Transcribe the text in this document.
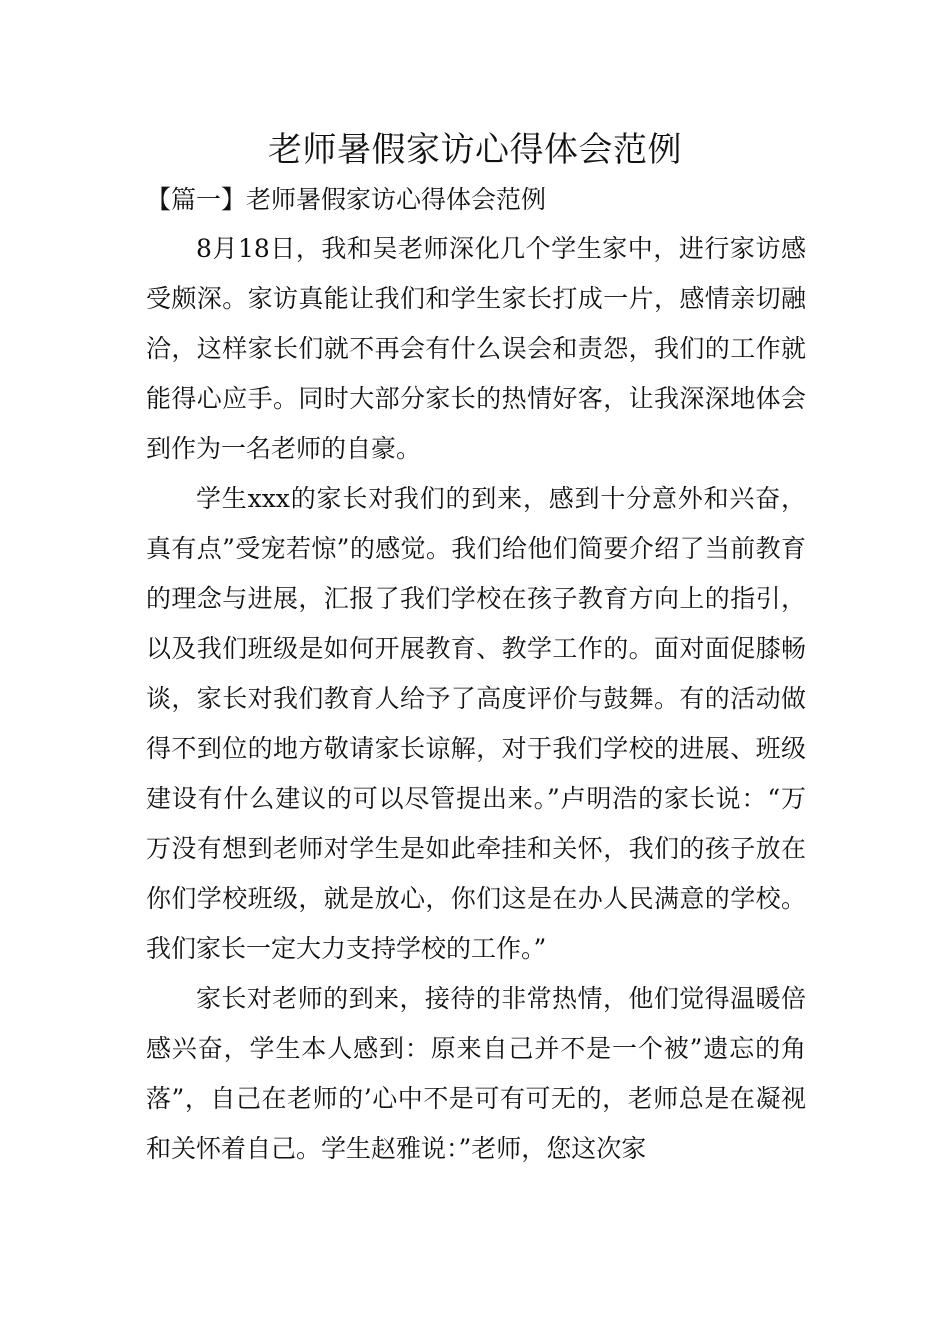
老师暑假家访心得体会范例
【篇一】老师暑假家访心得体会范例

8月18日，我和吴老师深化几个学生家中，进行家访感受颇深。家访真能让我们和学生家长打成一片，感情亲切融洽，这样家长们就不再会有什么误会和责怨，我们的工作就能得心应手。同时大部分家长的热情好客，让我深深地体会到作为一名老师的自豪。

学生xxx的家长对我们的到来，感到十分意外和兴奋，真有点”受宠若惊”的感觉。我们给他们简要介绍了当前教育的理念与进展，汇报了我们学校在孩子教育方向上的指引，以及我们班级是如何开展教育、教学工作的。面对面促膝畅谈，家长对我们教育人给予了高度评价与鼓舞。有的活动做得不到位的地方敬请家长谅解，对于我们学校的进展、班级建设有什么建议的可以尽管提出来。”卢明浩的家长说：“万万没有想到老师对学生是如此牵挂和关怀，我们的孩子放在你们学校班级，就是放心，你们这是在办人民满意的学校。我们家长一定大力支持学校的工作。”

家长对老师的到来，接待的非常热情，他们觉得温暖倍感兴奋，学生本人感到：原来自己并不是一个被”遗忘的角落”，自己在老师的’心中不是可有可无的，老师总是在凝视和关怀着自己。学生赵雅说：”老师，您这次家
